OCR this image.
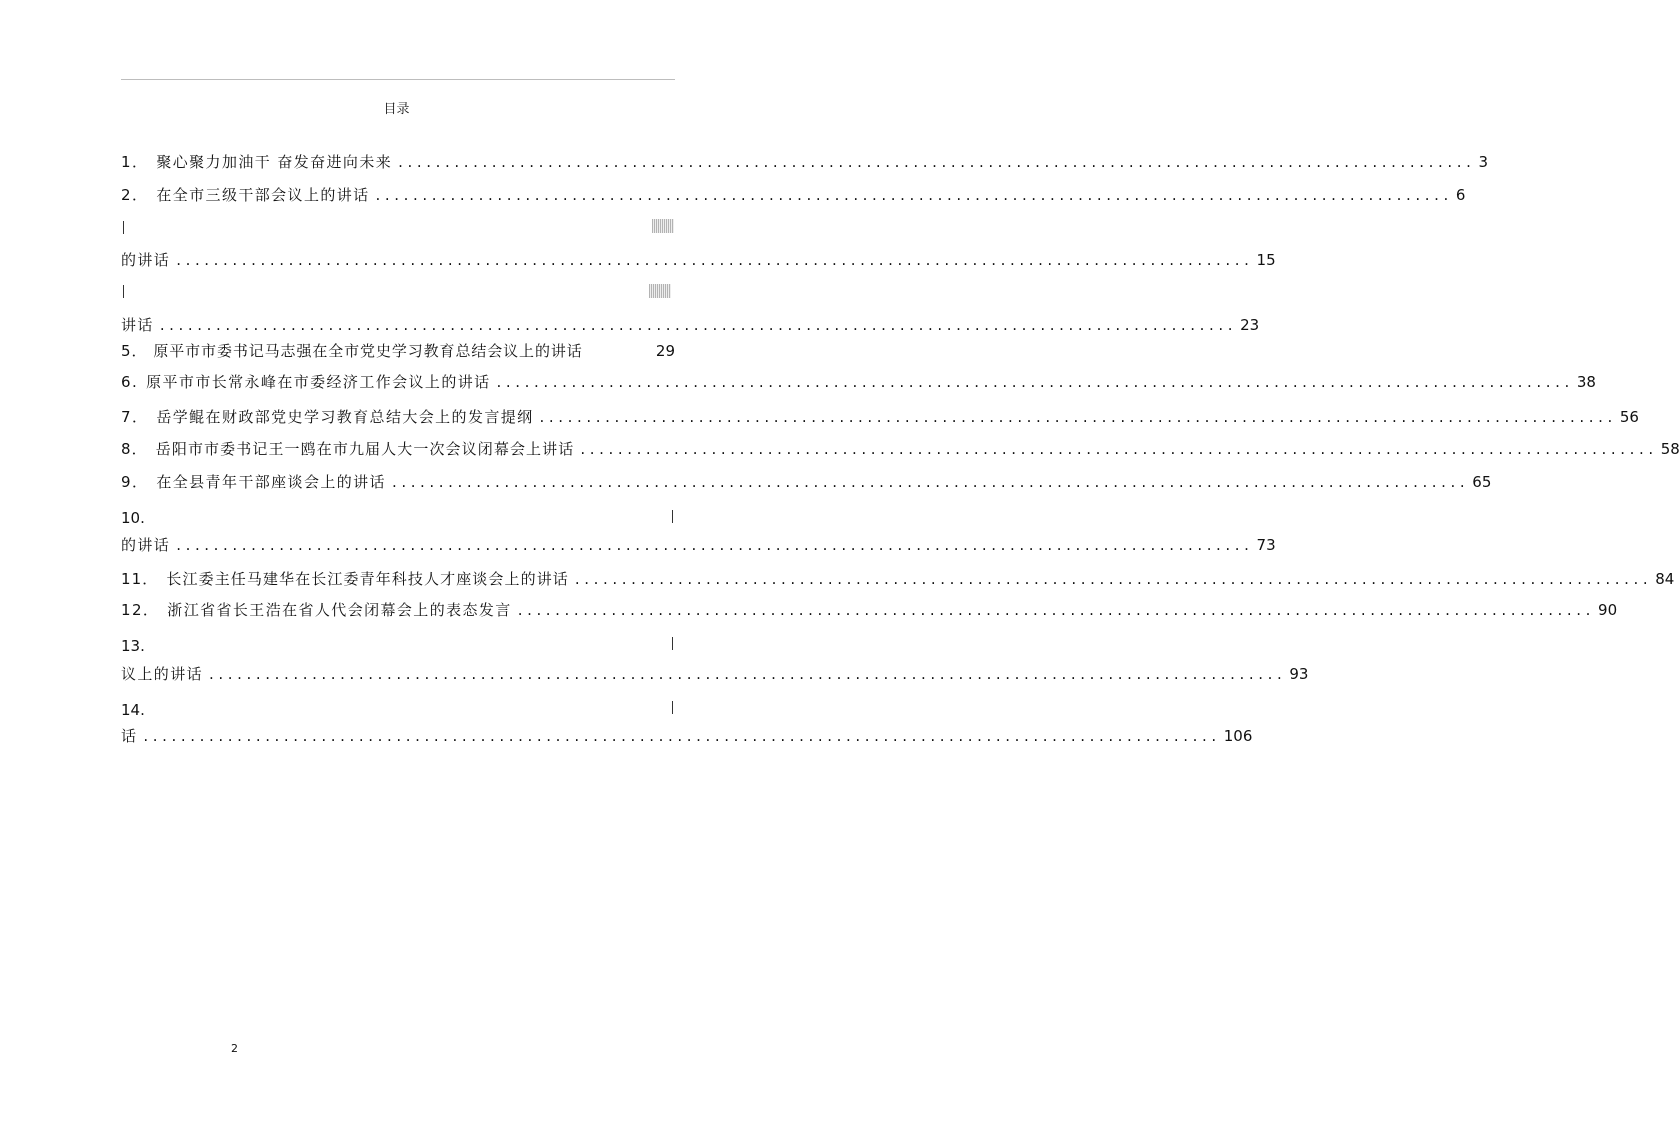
目录
1． 聚心聚力加油干 奋发奋进向未来 ................................................................................................................... 3
2． 在全市三级干部会议上的讲话 ................................................................................................................... 6
的讲话 ................................................................................................................... 15
讲话 ................................................................................................................... 23
5． 原平市市委书记马志强在全市党史学习教育总结会议上的讲话	29
6. 原平市市长常永峰在市委经济工作会议上的讲话 ................................................................................................................... 38
7． 岳学鲲在财政部党史学习教育总结大会上的发言提纲 ................................................................................................................... 56
8． 岳阳市市委书记王一鸥在市九届人大一次会议闭幕会上讲话 ................................................................................................................... 58
9． 在全县青年干部座谈会上的讲话 ................................................................................................................... 65
10.
的讲话 ................................................................................................................... 73
11． 长江委主任马建华在长江委青年科技人才座谈会上的讲话 ................................................................................................................... 84
12． 浙江省省长王浩在省人代会闭幕会上的表态发言 ................................................................................................................... 90
13.
议上的讲话 ................................................................................................................... 93
14.
话 ................................................................................................................... 106
2
